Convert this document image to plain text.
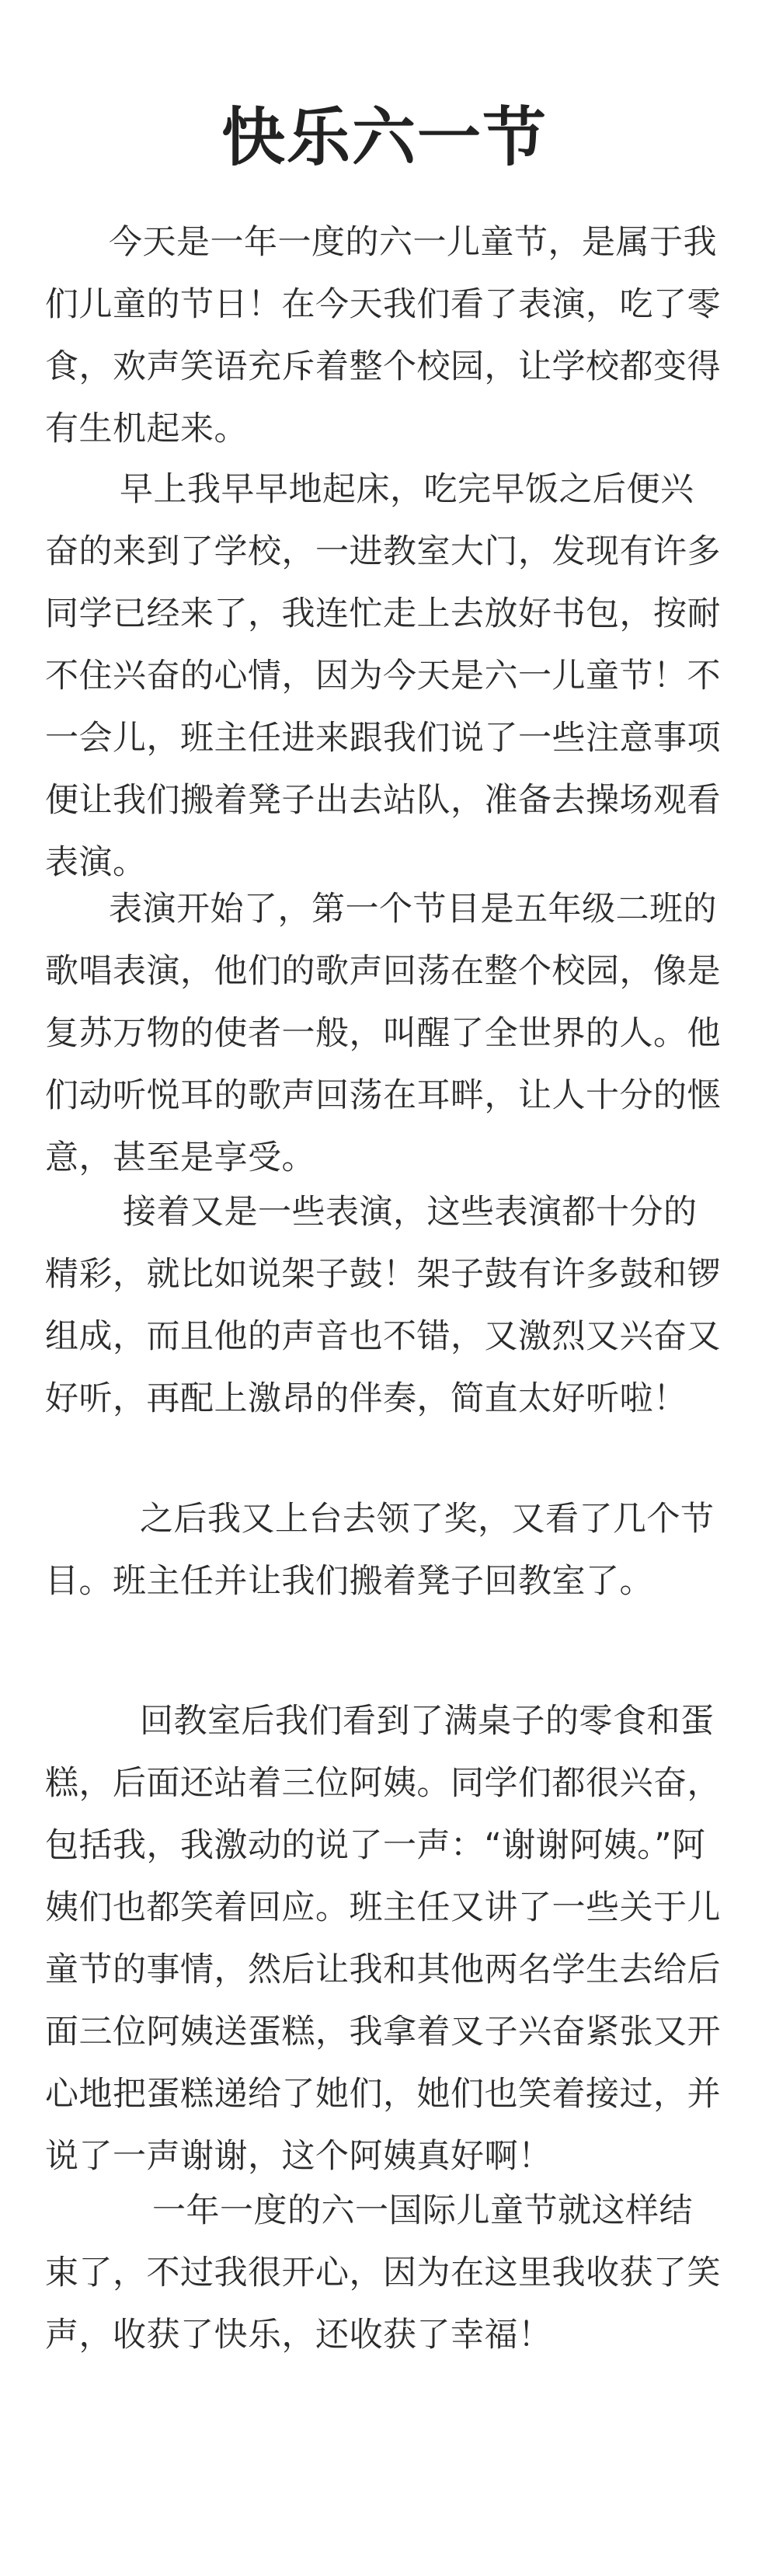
快乐六一节

今天是一年一度的六一儿童节，是属于我们儿童的节日！在今天我们看了表演，吃了零食，欢声笑语充斥着整个校园，让学校都变得有生机起来。

早上我早早地起床，吃完早饭之后便兴奋的来到了学校，一进教室大门，发现有许多同学已经来了，我连忙走上去放好书包，按耐不住兴奋的心情，因为今天是六一儿童节！不一会儿，班主任进来跟我们说了一些注意事项便让我们搬着凳子出去站队，准备去操场观看表演。

表演开始了，第一个节目是五年级二班的歌唱表演，他们的歌声回荡在整个校园，像是复苏万物的使者一般，叫醒了全世界的人。他们动听悦耳的歌声回荡在耳畔，让人十分的惬意，甚至是享受。

接着又是一些表演，这些表演都十分的精彩，就比如说架子鼓！架子鼓有许多鼓和锣组成，而且他的声音也不错，又激烈又兴奋又好听，再配上激昂的伴奏，简直太好听啦！

之后我又上台去领了奖，又看了几个节目。班主任并让我们搬着凳子回教室了。

回教室后我们看到了满桌子的零食和蛋糕，后面还站着三位阿姨。同学们都很兴奋，包括我，我激动的说了一声：“谢谢阿姨。”阿姨们也都笑着回应。班主任又讲了一些关于儿童节的事情，然后让我和其他两名学生去给后面三位阿姨送蛋糕，我拿着叉子兴奋紧张又开心地把蛋糕递给了她们，她们也笑着接过，并说了一声谢谢，这个阿姨真好啊！

一年一度的六一国际儿童节就这样结束了，不过我很开心，因为在这里我收获了笑声，收获了快乐，还收获了幸福！
